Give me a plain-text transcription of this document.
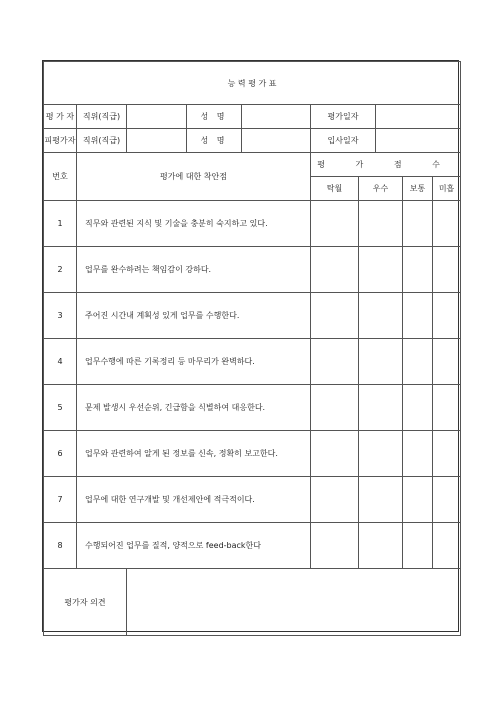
능 력 평 가 표										
평 가 자	직위(직급)		성 명		평가일자					
피평가자	직위(직급)		성 명		입사일자					
번호	평가에 대한 착안점				평 가 점 수					
					탁월	우수		보통	미흡	
1	직무와 관련된 지식 및 기술을 충분히 숙지하고 있다.									
2	업무를 완수하려는 책임감이 강하다.									
3	주어진 시간내 계획성 있게 업무를 수행한다.									
4	업무수행에 따른 기록정리 등 마무리가 완벽하다.									
5	문제 발생시 우선순위, 긴급함을 식별하여 대응한다.									
6	업무와 관련하여 알게 된 정보를 신속, 정확히 보고한다.									
7	업무에 대한 연구개발 및 개선제안에 적극적이다.									
8	수행되어진 업무를 질적, 양적으로 feed-back한다									
평가자 의견										
